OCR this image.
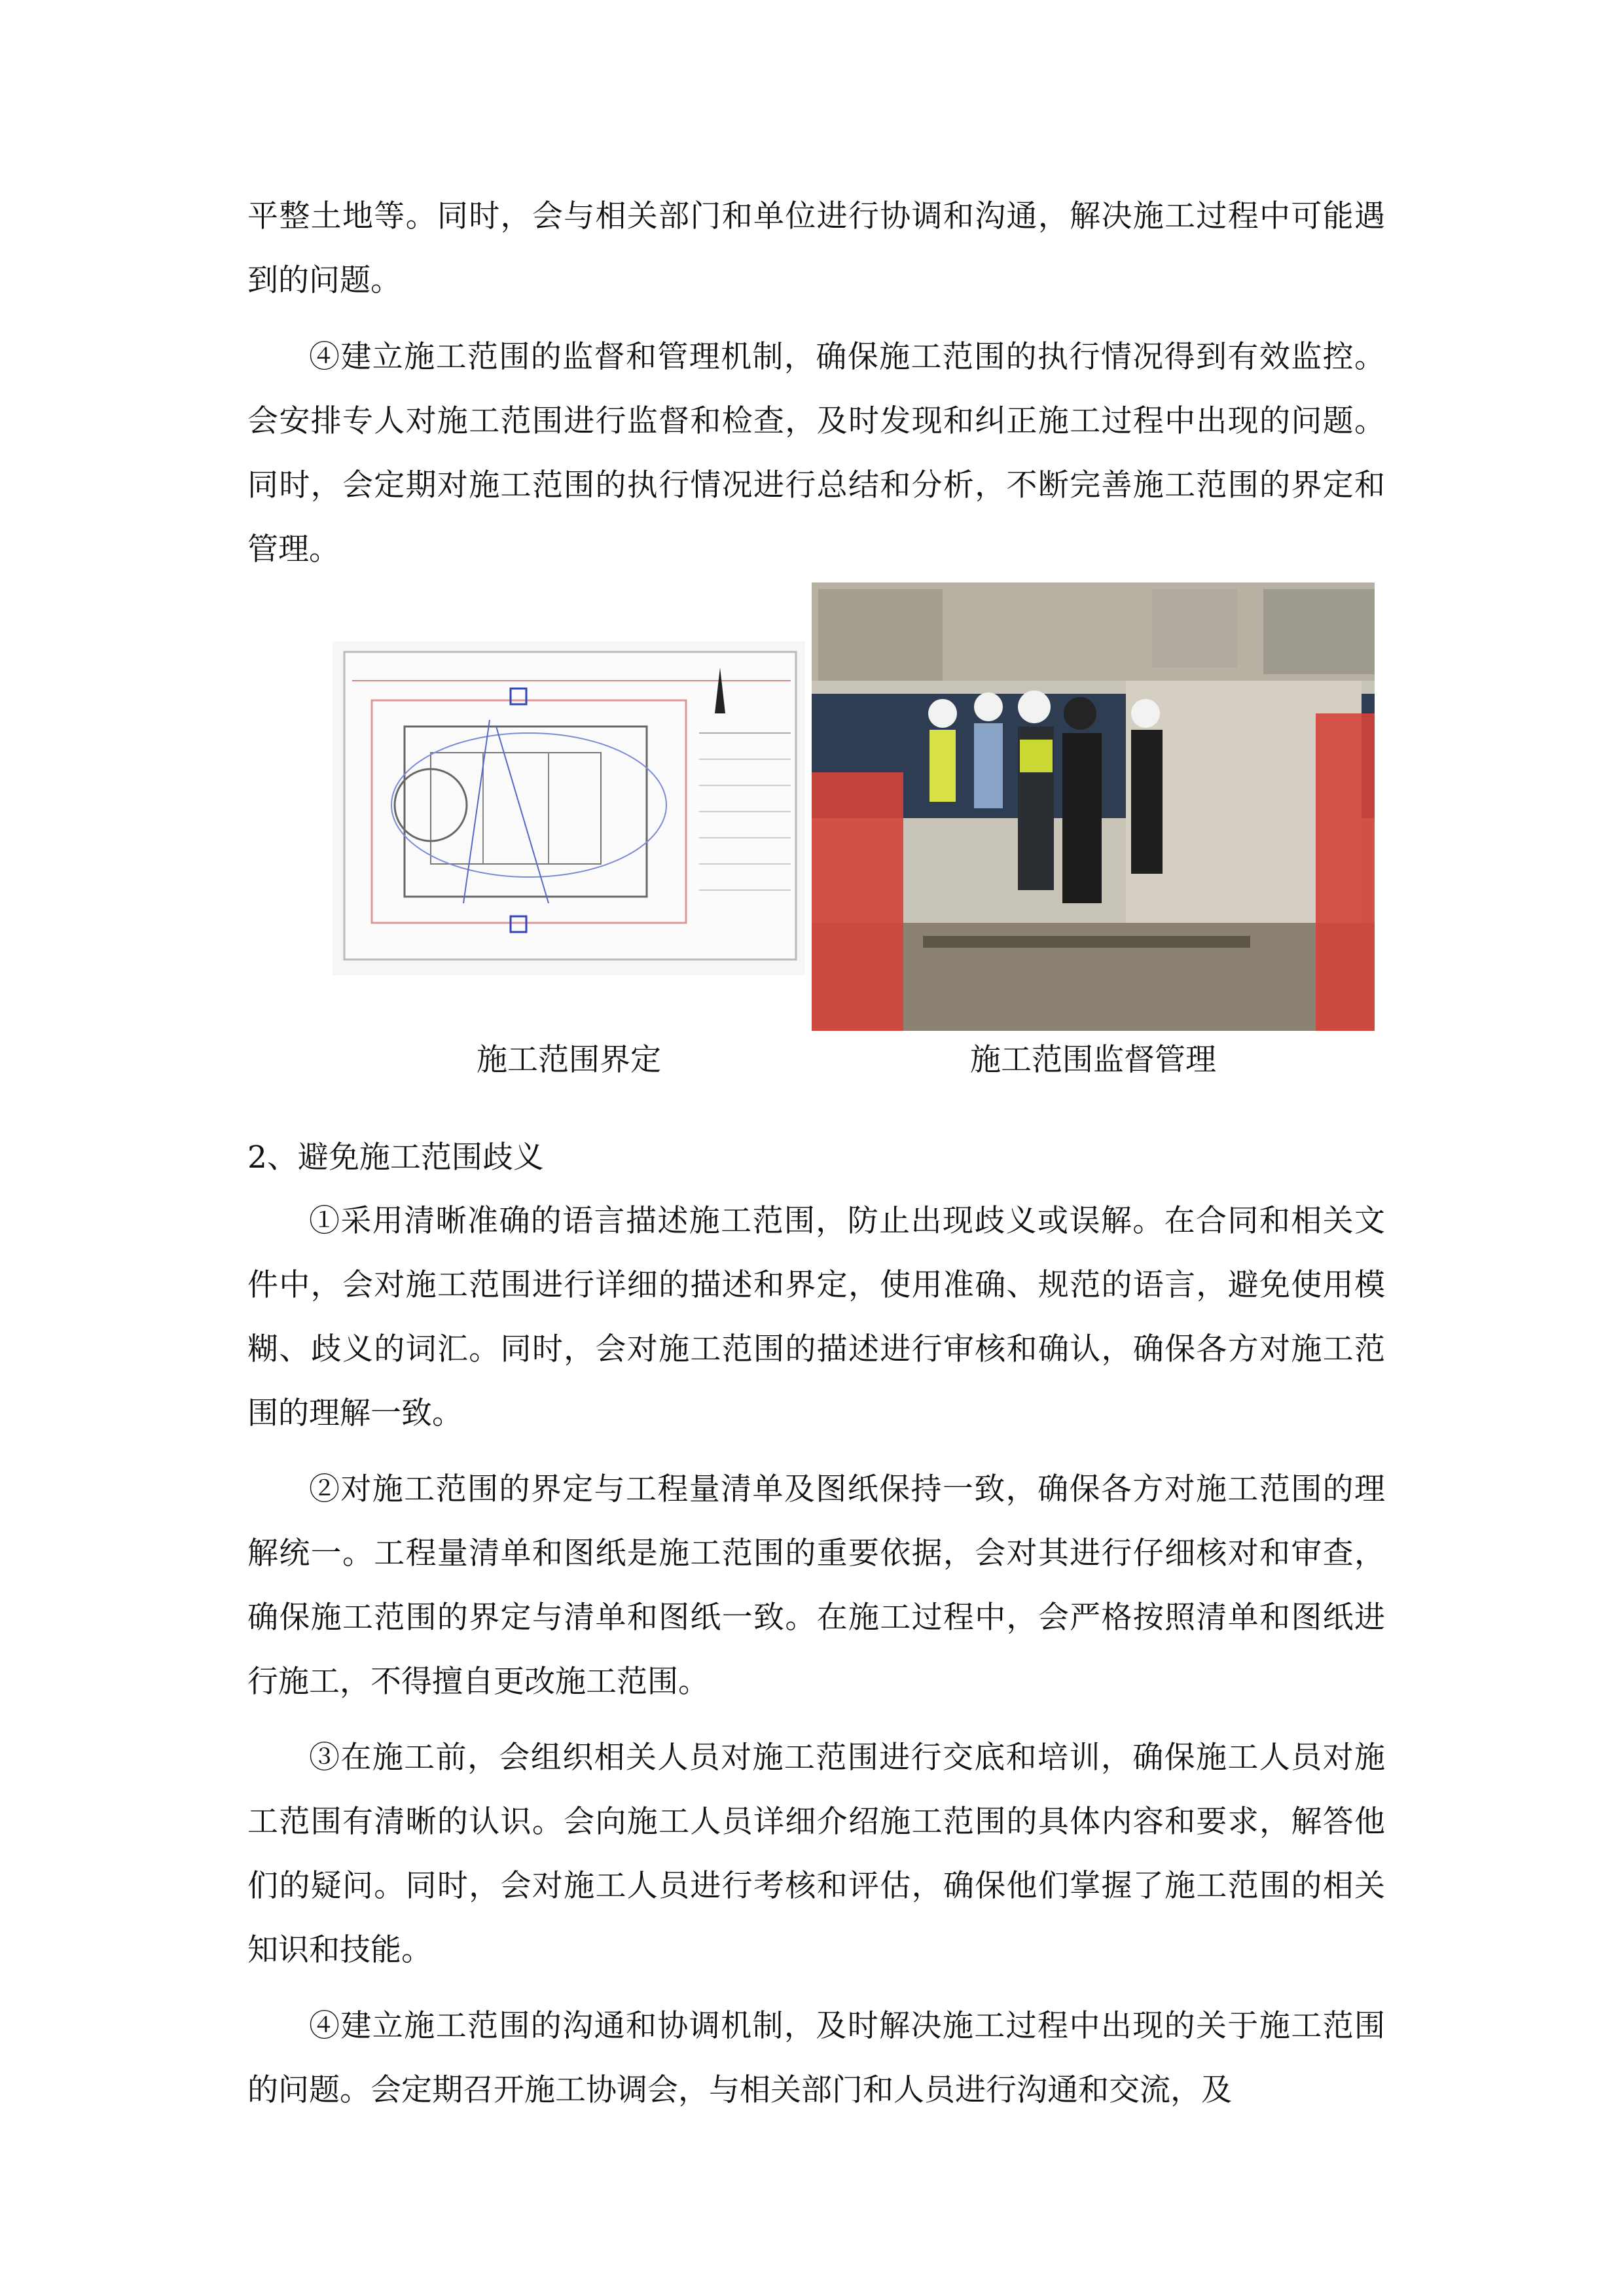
平整土地等。同时，会与相关部门和单位进行协调和沟通，解决施工过程中可能遇到的问题。

④建立施工范围的监督和管理机制，确保施工范围的执行情况得到有效监控。会安排专人对施工范围进行监督和检查，及时发现和纠正施工过程中出现的问题。同时，会定期对施工范围的执行情况进行总结和分析，不断完善施工范围的界定和管理。

施工范围界定	施工范围监督管理

2、避免施工范围歧义

①采用清晰准确的语言描述施工范围，防止出现歧义或误解。在合同和相关文件中，会对施工范围进行详细的描述和界定，使用准确、规范的语言，避免使用模糊、歧义的词汇。同时，会对施工范围的描述进行审核和确认，确保各方对施工范围的理解一致。

②对施工范围的界定与工程量清单及图纸保持一致，确保各方对施工范围的理解统一。工程量清单和图纸是施工范围的重要依据，会对其进行仔细核对和审查，确保施工范围的界定与清单和图纸一致。在施工过程中，会严格按照清单和图纸进行施工，不得擅自更改施工范围。

③在施工前，会组织相关人员对施工范围进行交底和培训，确保施工人员对施工范围有清晰的认识。会向施工人员详细介绍施工范围的具体内容和要求，解答他们的疑问。同时，会对施工人员进行考核和评估，确保他们掌握了施工范围的相关知识和技能。

④建立施工范围的沟通和协调机制，及时解决施工过程中出现的关于施工范围的问题。会定期召开施工协调会，与相关部门和人员进行沟通和交流，及
